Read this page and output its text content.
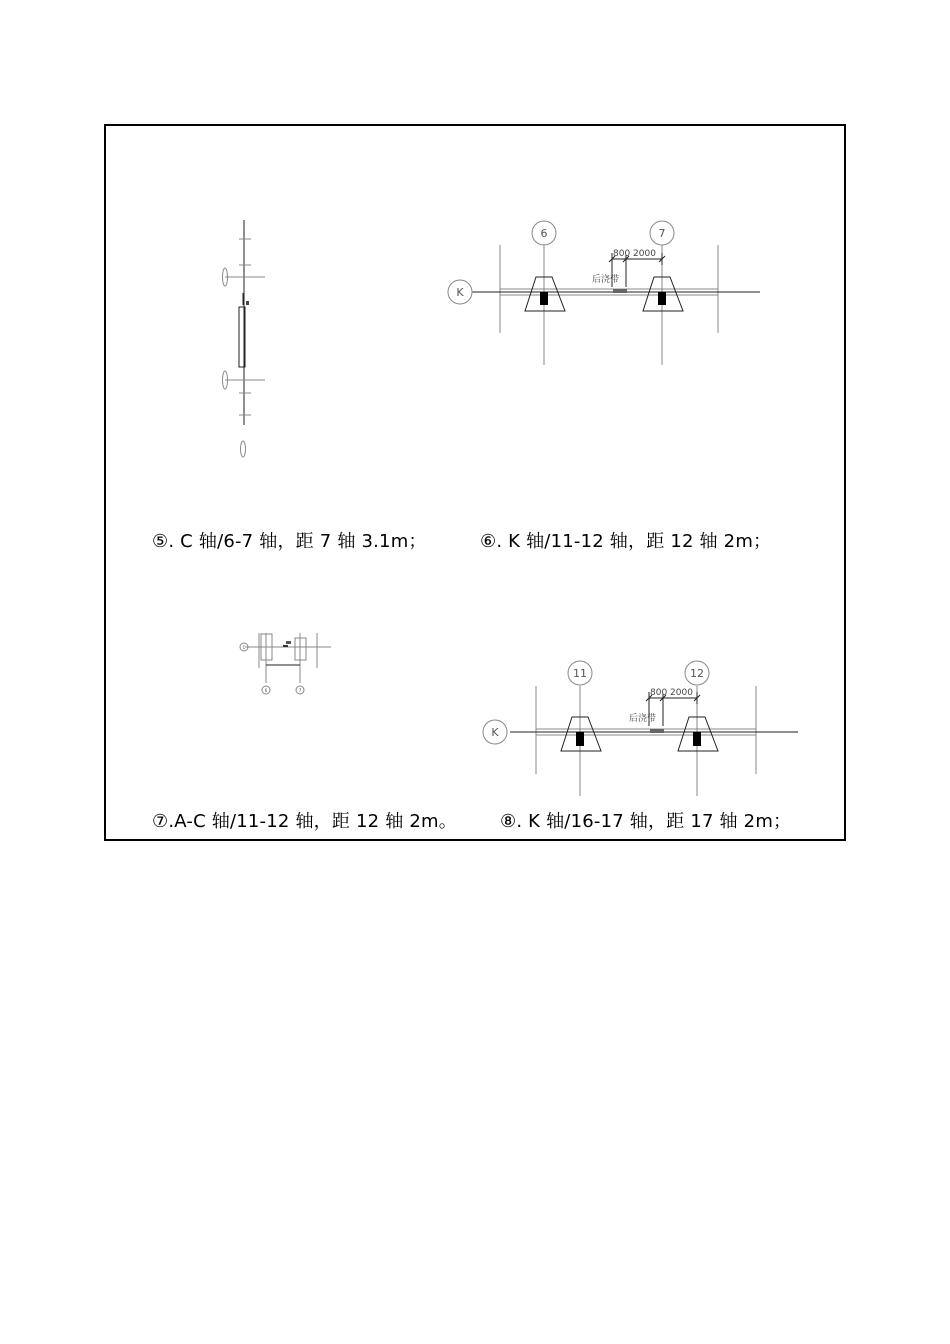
6	7
K
800 2000
后浇带
C
6	7
11	12
K
800 2000
后浇带
⑤. C 轴/6-7 轴，距 7 轴 3.1m；	⑥. K 轴/11-12 轴，距 12 轴 2m；
⑦.A-C 轴/11-12 轴，距 12 轴 2m。 ⑧. K 轴/16-17 轴，距 17 轴 2m；
